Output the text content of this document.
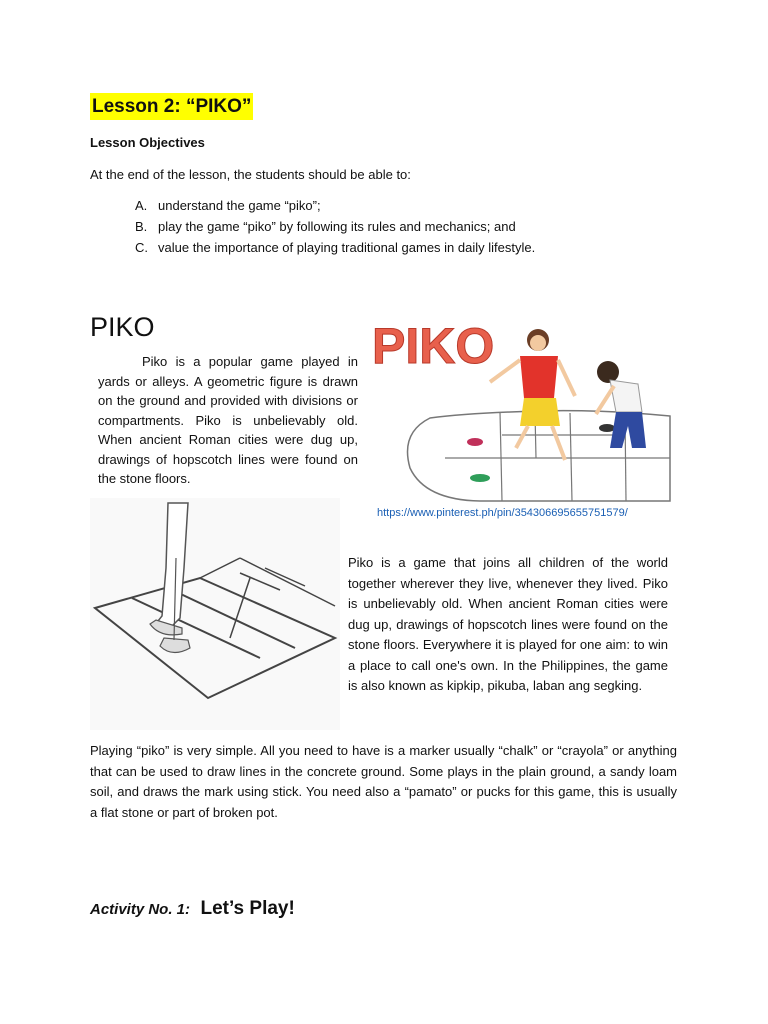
Lesson 2: “PIKO”
Lesson Objectives
At the end of the lesson, the students should be able to:
A. understand the game “piko”;
B. play the game “piko” by following its rules and mechanics; and
C. value the importance of playing traditional games in daily lifestyle.
PIKO
Piko is a popular game played in yards or alleys. A geometric figure is drawn on the ground and provided with divisions or compartments. Piko is unbelievably old. When ancient Roman cities were dug up, drawings of hopscotch lines were found on the stone floors.
PIKO
https://www.pinterest.ph/pin/354306695655751579/
Piko is a game that joins all children of the world together wherever they live, whenever they lived. Piko is unbelievably old. When ancient Roman cities were dug up, drawings of hopscotch lines were found on the stone floors. Everywhere it is played for one aim: to win a place to call one's own. In the Philippines, the game is also known as kipkip, pikuba, laban ang segking.
Playing “piko” is very simple. All you need to have is a marker usually “chalk” or “crayola” or anything that can be used to draw lines in the concrete ground. Some plays in the plain ground, a sandy loam soil, and draws the mark using stick. You need also a “pamato” or pucks for this game, this is usually a flat stone or part of broken pot.
Activity No. 1: Let’s Play!
